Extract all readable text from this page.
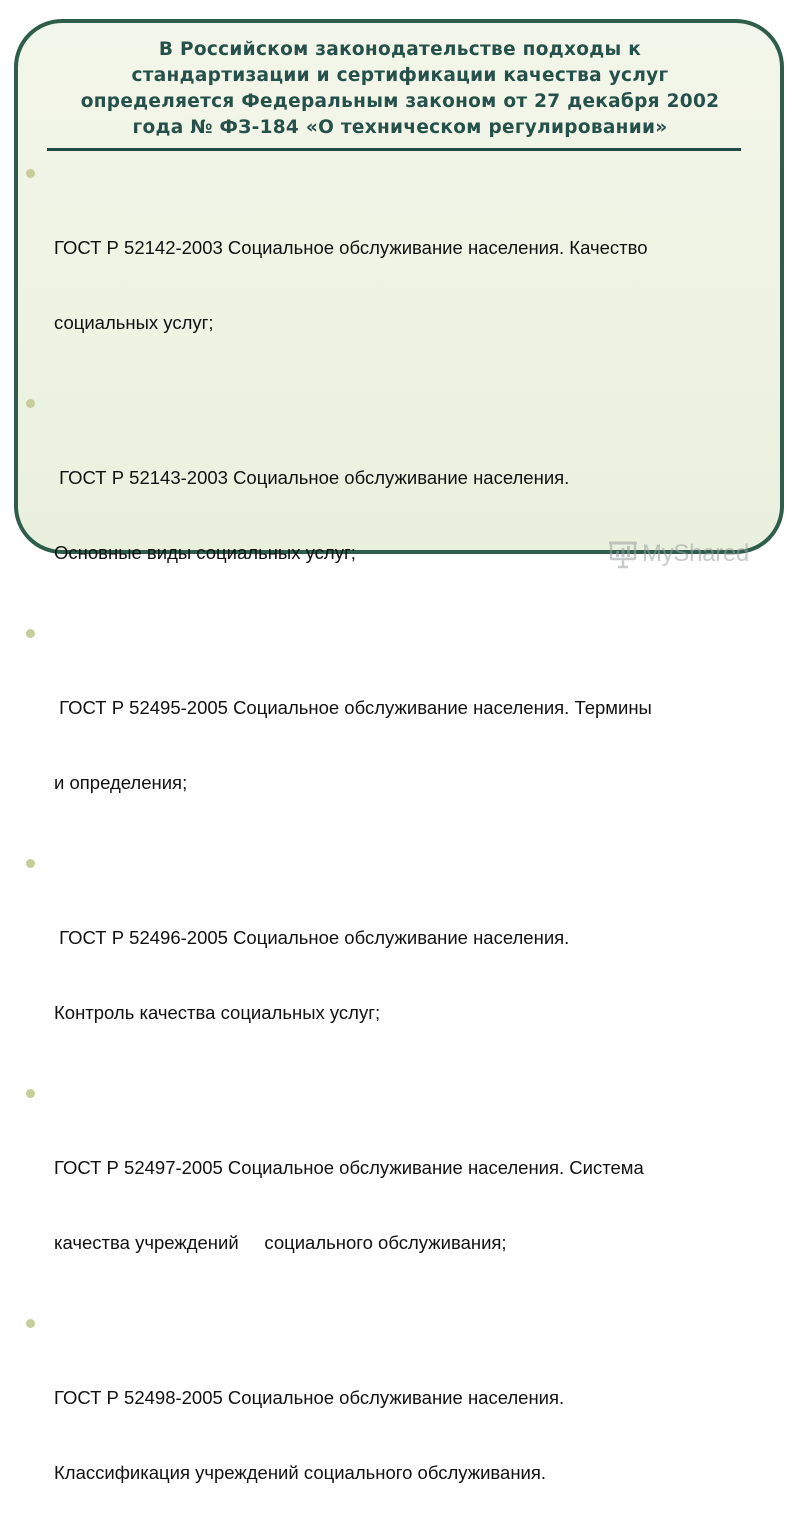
В Российском законодательстве подходы к
стандартизации и сертификации качества услуг
определяется Федеральным законом от 27 декабря 2002
года № ФЗ-184 «О техническом регулировании»

ГОСТ Р 52142-2003 Социальное обслуживание населения. Качество

социальных услуг;

ГОСТ Р 52143-2003 Социальное обслуживание населения.

Основные виды социальных услуг;

ГОСТ Р 52495-2005 Социальное обслуживание населения. Термины

и определения;

ГОСТ Р 52496-2005 Социальное обслуживание населения.

Контроль качества социальных услуг;

ГОСТ Р 52497-2005 Социальное обслуживание населения. Система

качества учреждений     социального обслуживания;

ГОСТ Р 52498-2005 Социальное обслуживание населения.

Классификация учреждений социального обслуживания.

MyShared
